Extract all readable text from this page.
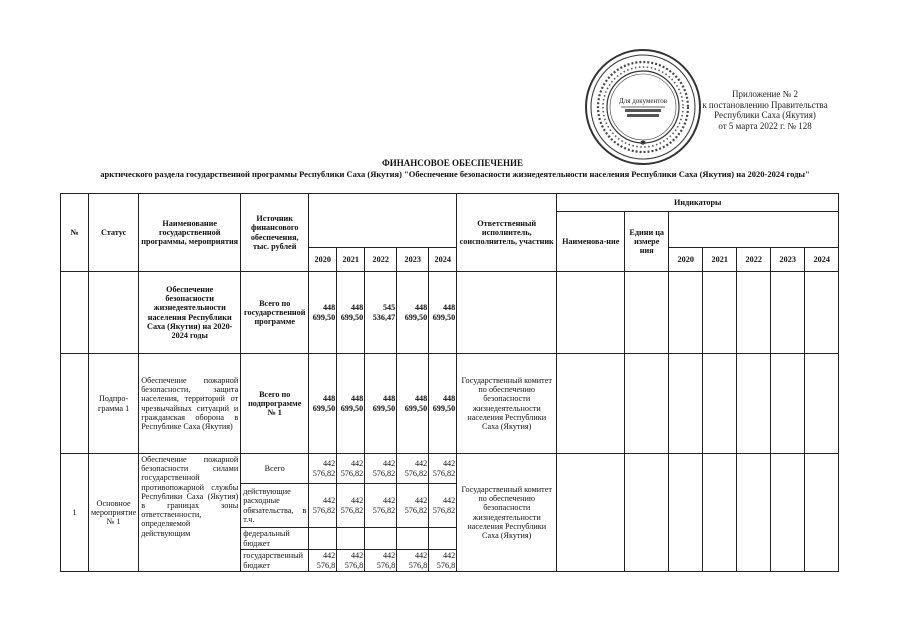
Для документов
✱
Приложение № 2
к постановлению Правительства
Республики Саха (Якутия)
от 5 марта 2022 г. № 128
ФИНАНСОВОЕ ОБЕСПЕЧЕНИЕ
арктического раздела государственной программы Республики Саха (Якутия) "Обеспечение безопасности жизнедеятельности населения Республики Саха (Якутия) на 2020-2024 годы"
№	Статус	Наименование государственной программы, мероприятия	Источник финансового обеспечения, тыс. рублей						Ответственный исполнитель, соисполнитель, участник	Индикаторы						
										Наименова-ние	Едини ца измере ния					
				2020	2021	2022	2023	2024				2020	2021	2022	2023	2024
		Обеспечение безопасности жизнедеятельности населения Республики Саха (Якутия) на 2020-2024 годы	Всего по государственной программе	448 699,50	448 699,50	545 536,47	448 699,50	448 699,50								
	Подпро-грамма 1	Обеспечение пожарной безопасности, защита населения, территорий от чрезвычайных ситуаций и гражданская оборона в Республике Саха (Якутия)	Всего по подпрограмме № 1	448 699,50	448 699,50	448 699,50	448 699,50	448 699,50	Государственный комитет по обеспечению безопасности жизнедеятельности населения Республики Саха (Якутия)							
1	Основное мероприятие № 1	Обеспечение пожарной безопасности силами государственной противопожарной службы Республики Саха (Якутия) в границах зоны ответственности, определяемой действующим	Всего	442 576,82	442 576,82	442 576,82	442 576,82	442 576,82	Государственный комитет по обеспечению безопасности жизнедеятельности населения Республики Саха (Якутия)							
			действующие расходные обязательства, в т.ч.	442 576,82	442 576,82	442 576,82	442 576,82	442 576,82								
			федеральный бюджет													
			государственный бюджет	442 576,8	442 576,8	442 576,8	442 576,8	442 576,8								
